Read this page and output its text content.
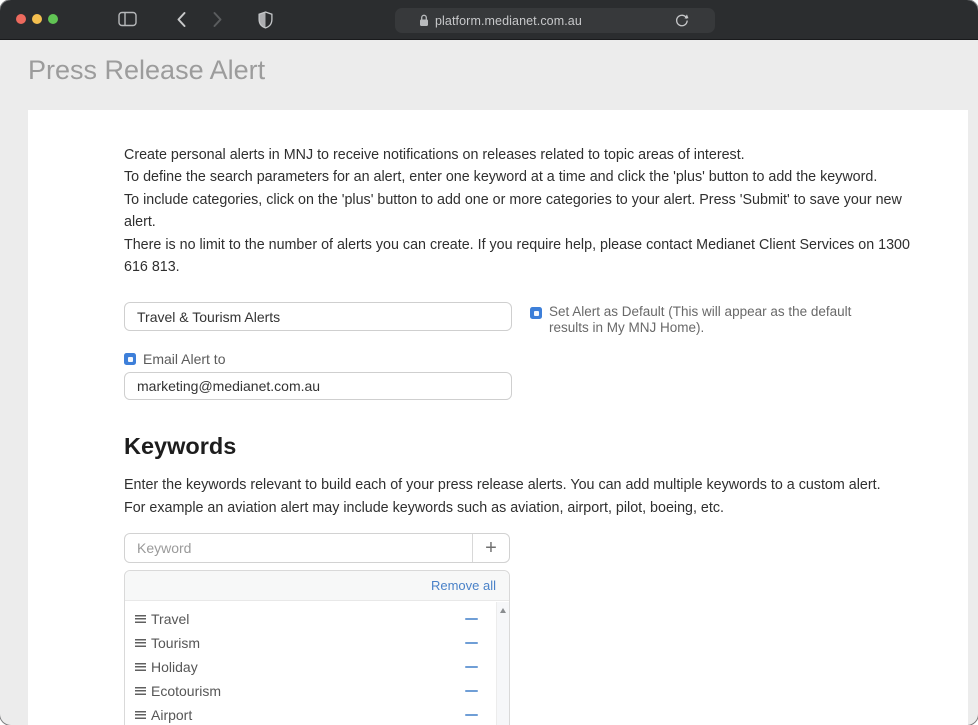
platform.medianet.com.au
Press Release Alert

Create personal alerts in MNJ to receive notifications on releases related to topic areas of interest.

To define the search parameters for an alert, enter one keyword at a time and click the 'plus' button to add the keyword.

To include categories, click on the 'plus' button to add one or more categories to your alert. Press 'Submit' to save your new alert.

There is no limit to the number of alerts you can create. If you require help, please contact Medianet Client Services on 1300 616 813.

Travel & Tourism Alerts
Set Alert as Default (This will appear as the default results in My MNJ Home).
Email Alert to
marketing@medianet.com.au
Keywords

Enter the keywords relevant to build each of your press release alerts. You can add multiple keywords to a custom alert.

For example an aviation alert may include keywords such as aviation, airport, pilot, boeing, etc.

Keyword
+
Remove all
Travel
Tourism
Holiday
Ecotourism
Airport
